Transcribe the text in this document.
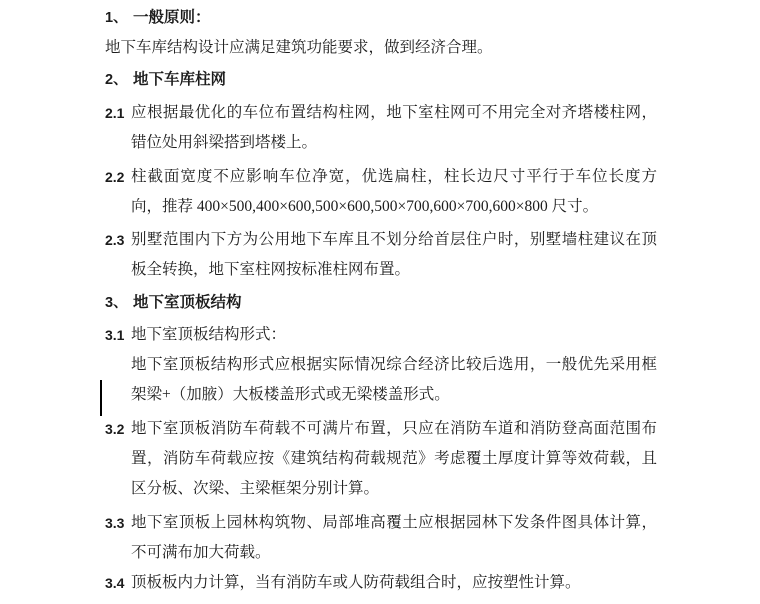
1、 一般原则：
地下车库结构设计应满足建筑功能要求，做到经济合理。
2、 地下车库柱网
2.1 应根据最优化的车位布置结构柱网，地下室柱网可不用完全对齐塔楼柱网，错位处用斜梁搭到塔楼上。
2.2 柱截面宽度不应影响车位净宽，优选扁柱，柱长边尺寸平行于车位长度方向，推荐 400×500,400×600,500×600,500×700,600×700,600×800 尺寸。
2.3 别墅范围内下方为公用地下车库且不划分给首层住户时，别墅墙柱建议在顶板全转换，地下室柱网按标准柱网布置。
3、 地下室顶板结构
3.1 地下室顶板结构形式：
地下室顶板结构形式应根据实际情况综合经济比较后选用，一般优先采用框架梁+（加腋）大板楼盖形式或无梁楼盖形式。
3.2 地下室顶板消防车荷载不可满片布置，只应在消防车道和消防登高面范围布置，消防车荷载应按《建筑结构荷载规范》考虑覆土厚度计算等效荷载，且区分板、次梁、主梁框架分别计算。
3.3 地下室顶板上园林构筑物、局部堆高覆土应根据园林下发条件图具体计算，不可满布加大荷载。
3.4 顶板板内力计算，当有消防车或人防荷载组合时，应按塑性计算。
